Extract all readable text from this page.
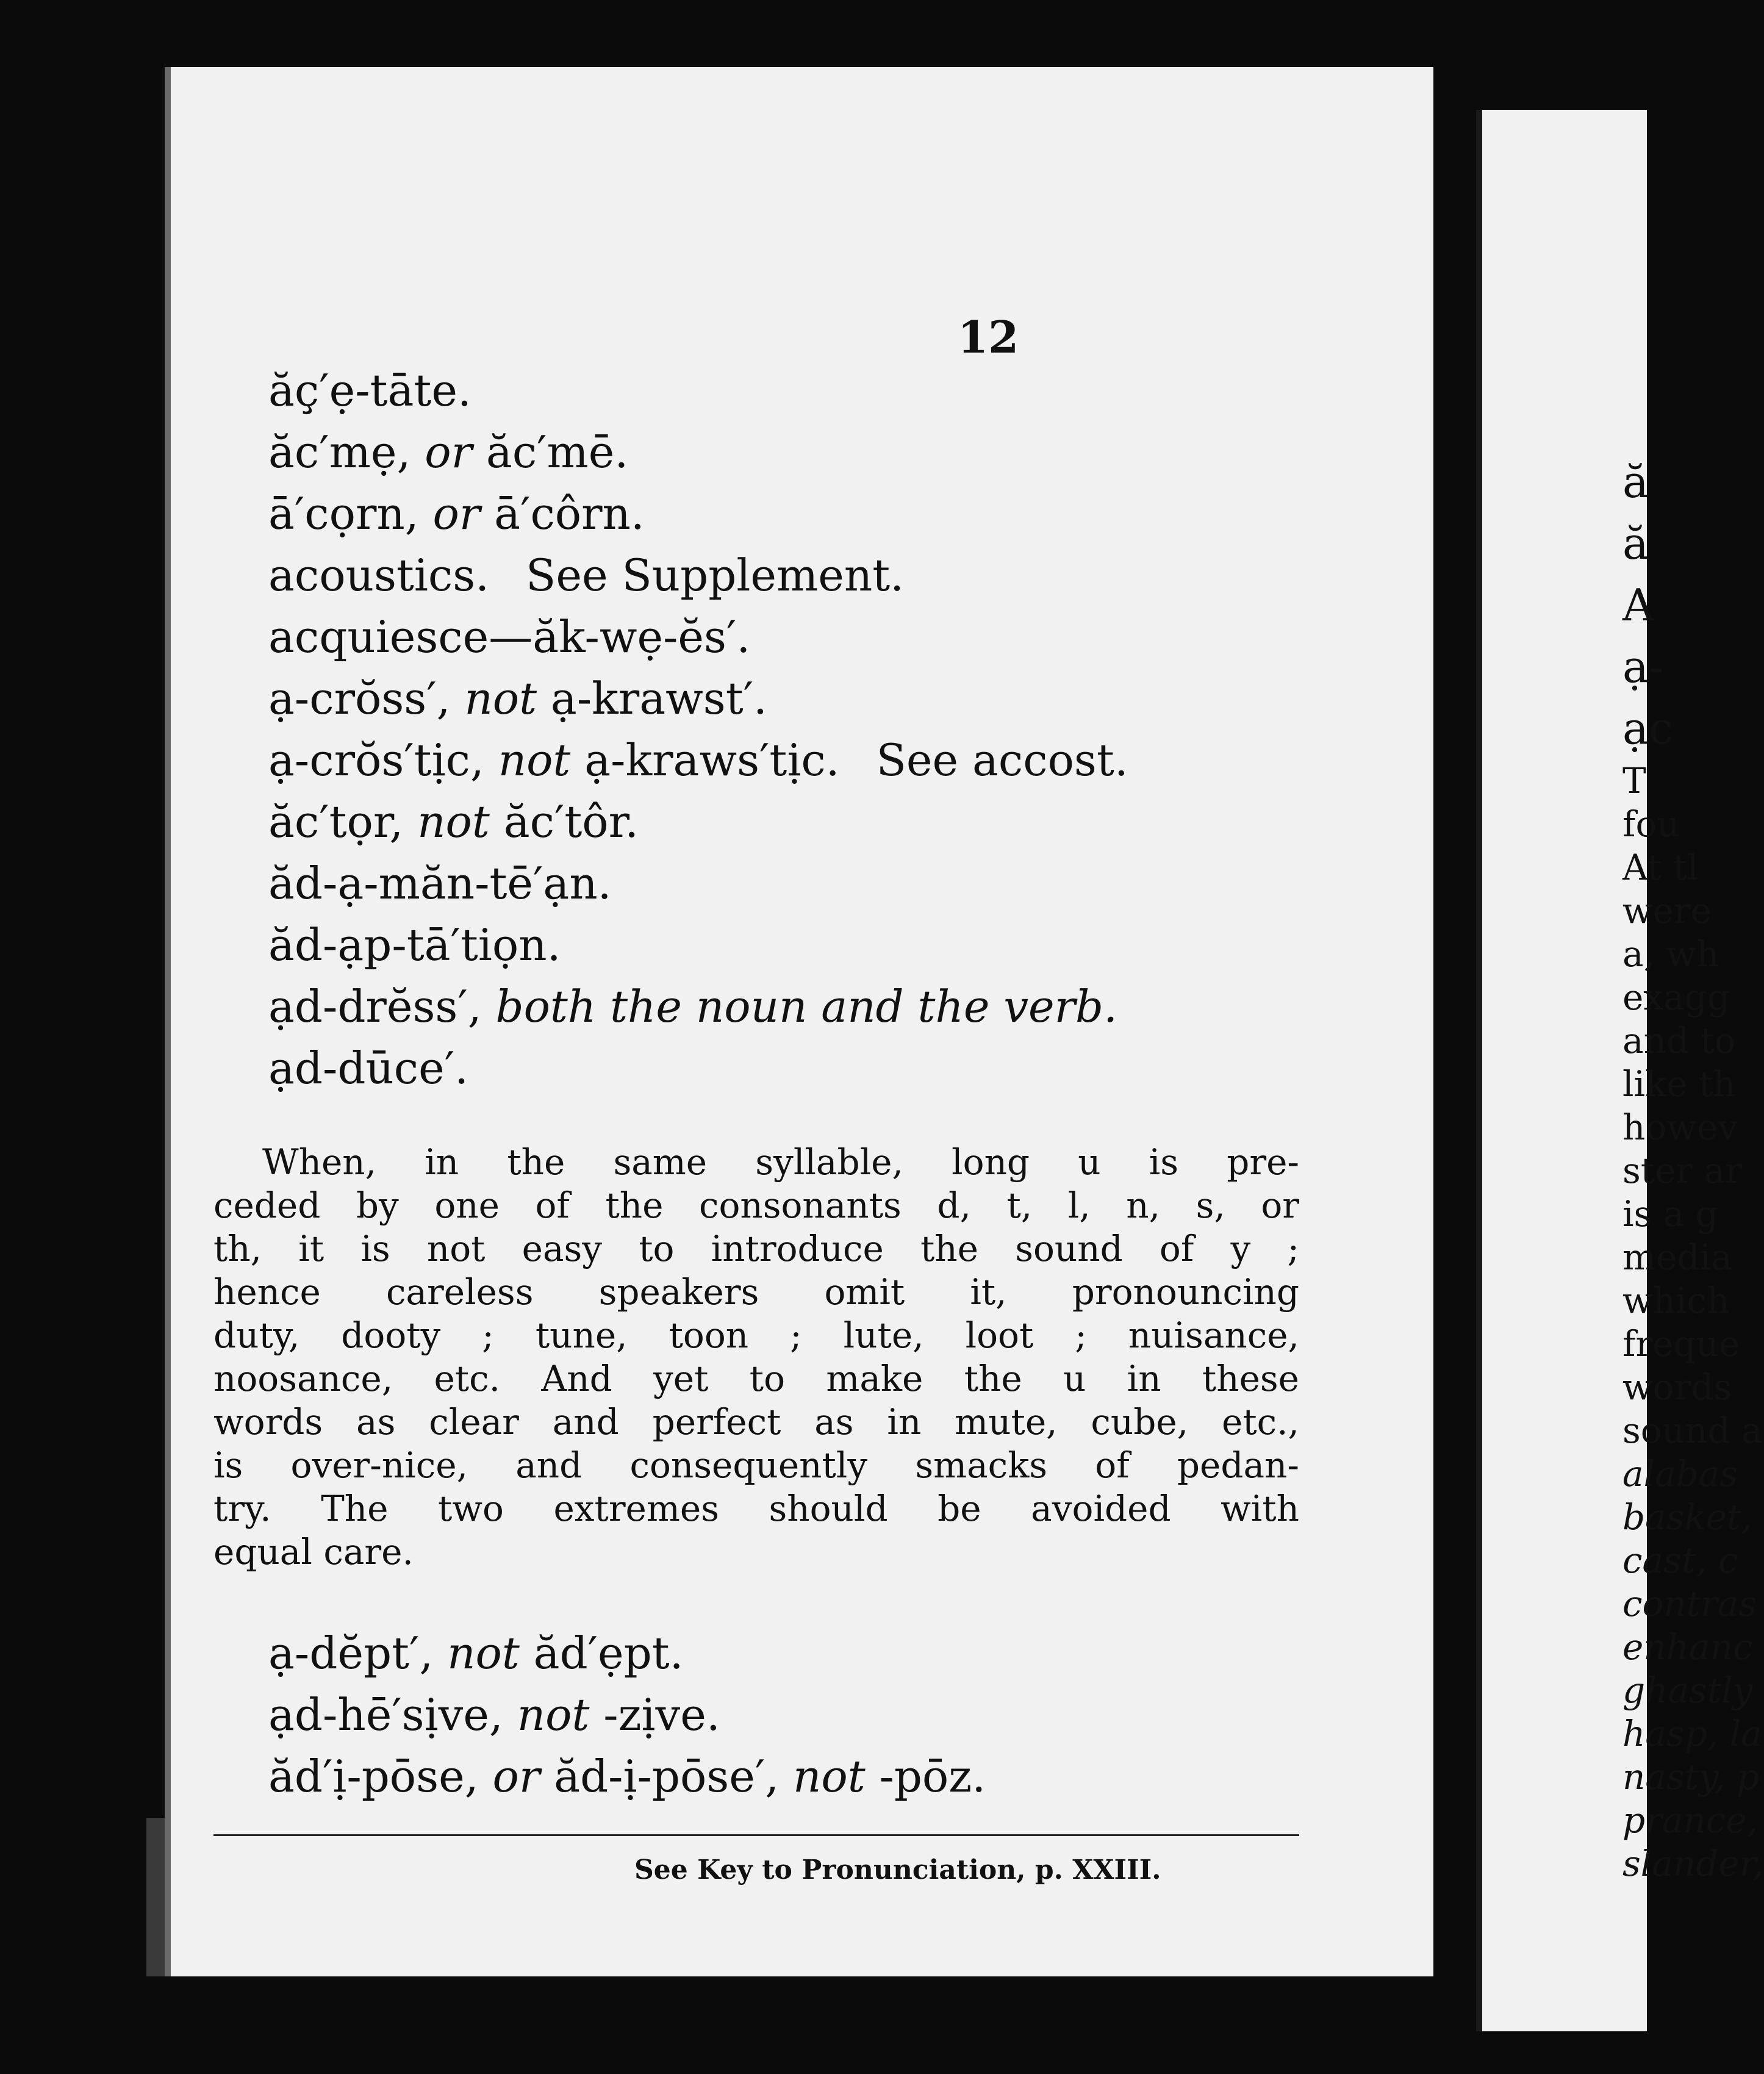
12
ăç′ẹ-tāte.
ăc′mẹ, or ăc′mē.
ā′cọrn, or ā′côrn.
acoustics. See Supplement.
acquiesce—ăk-wẹ-ĕs′.
ạ-crŏss′, not ạ-krawst′.
ạ-crŏs′tịc, not ạ-kraws′tịc. See accost.
ăc′tọr, not ăc′tôr.
ăd-ạ-măn-tē′ạn.
ăd-ạp-tā′tiọn.
ạd-drĕss′, both the noun and the verb.
ạd-dūce′.
When, in the same syllable, long u is pre-
ceded by one of the consonants d, t, l, n, s, or
th, it is not easy to introduce the sound of y ;
hence careless speakers omit it, pronouncing
duty, dooty ; tune, toon ; lute, loot ; nuisance,
noosance, etc. And yet to make the u in these
words as clear and perfect as in mute, cube, etc.,
is over-nice, and consequently smacks of pedan-
try. The two extremes should be avoided with
equal care.
ạ-dĕpt′, not ăd′ẹpt.
ạd-hē′sịve, not -zịve.
ăd′ị-pōse, or ăd-ị-pōse′, not -pōz.
See Key to Pronunciation, p. XXIII.
ă
ă
A
ạ-
ạc
T
fou
At tl
were
a, wh
exagg
and to
like th
howev
ster ar
is a g
media
which
freque
words
sound a
alabas
basket,
cast, c
contras
enhanc
ghastly
hasp, la
nasty, p
prance,
slander,
